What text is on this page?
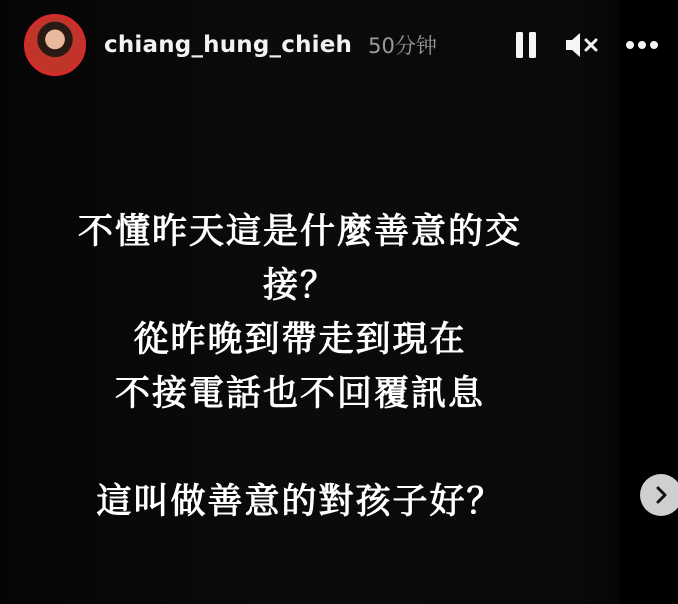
chiang_hung_chieh 50分钟
不懂昨天這是什麼善意的交
接？
從昨晚到帶走到現在
不接電話也不回覆訊息
這叫做善意的對孩子好？
